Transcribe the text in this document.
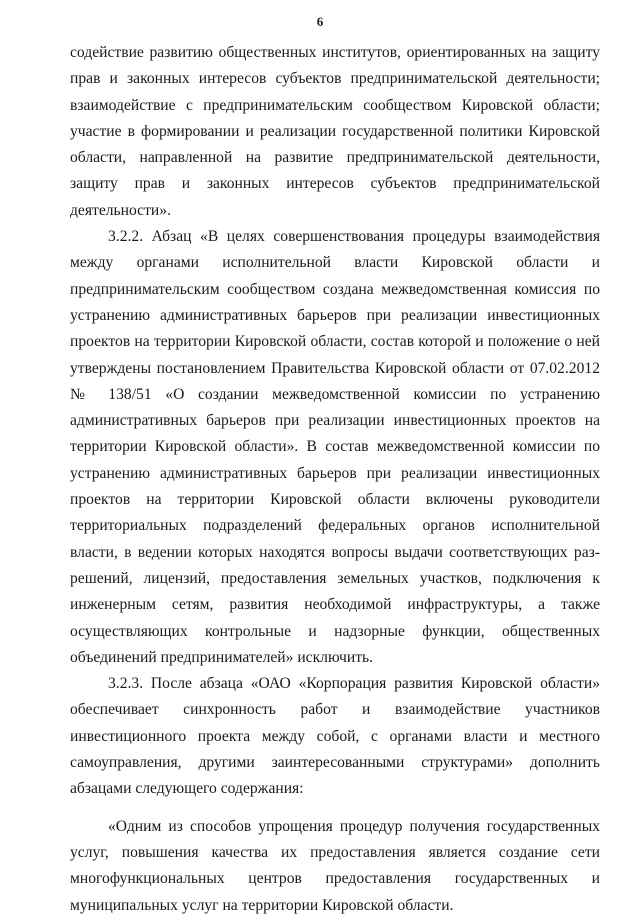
6

содействие развитию общественных институтов, ориентированных на защиту прав и законных интересов субъектов предпринимательской деятельности; взаимодействие с предпринимательским сообществом Кировской области; участие в формировании и реализации государственной политики Кировской области, направленной на развитие предпринимательской деятельности, защиту прав и законных интересов субъектов предпринимательской деятельности».

3.2.2. Абзац «В целях совершенствования процедуры взаимодействия между органами исполнительной власти Кировской области и предпринимательским сообществом создана межведомственная комиссия по устранению административных барьеров при реализации инвестиционных проектов на территории Кировской области, состав которой и положение о ней утверждены постановлением Правительства Кировской области от 07.02.2012 № 138/51 «О создании межведомственной комиссии по устранению административных барьеров при реализации инвестиционных проектов на территории Кировской области». В состав межведомственной комиссии по устранению административных барьеров при реализации инвестиционных проектов на территории Кировской области включены руководители территориальных подразделений федеральных органов исполнительной власти, в ведении которых находятся вопросы выдачи соответствующих разрешений, лицензий, предоставления земельных участков, подключения к инженерным сетям, развития необходимой инфраструктуры, а также осуществляющих контрольные и надзорные функции, общественных объединений предпринимателей» исключить.

3.2.3. После абзаца «ОАО «Корпорация развития Кировской области» обеспечивает синхронность работ и взаимодействие участников инвестиционного проекта между собой, с органами власти и местного самоуправления, другими заинтересованными структурами» дополнить абзацами следующего содержания:

«Одним из способов упрощения процедур получения государственных услуг, повышения качества их предоставления является создание сети многофункциональных центров предоставления государственных и муниципальных услуг на территории Кировской области.
